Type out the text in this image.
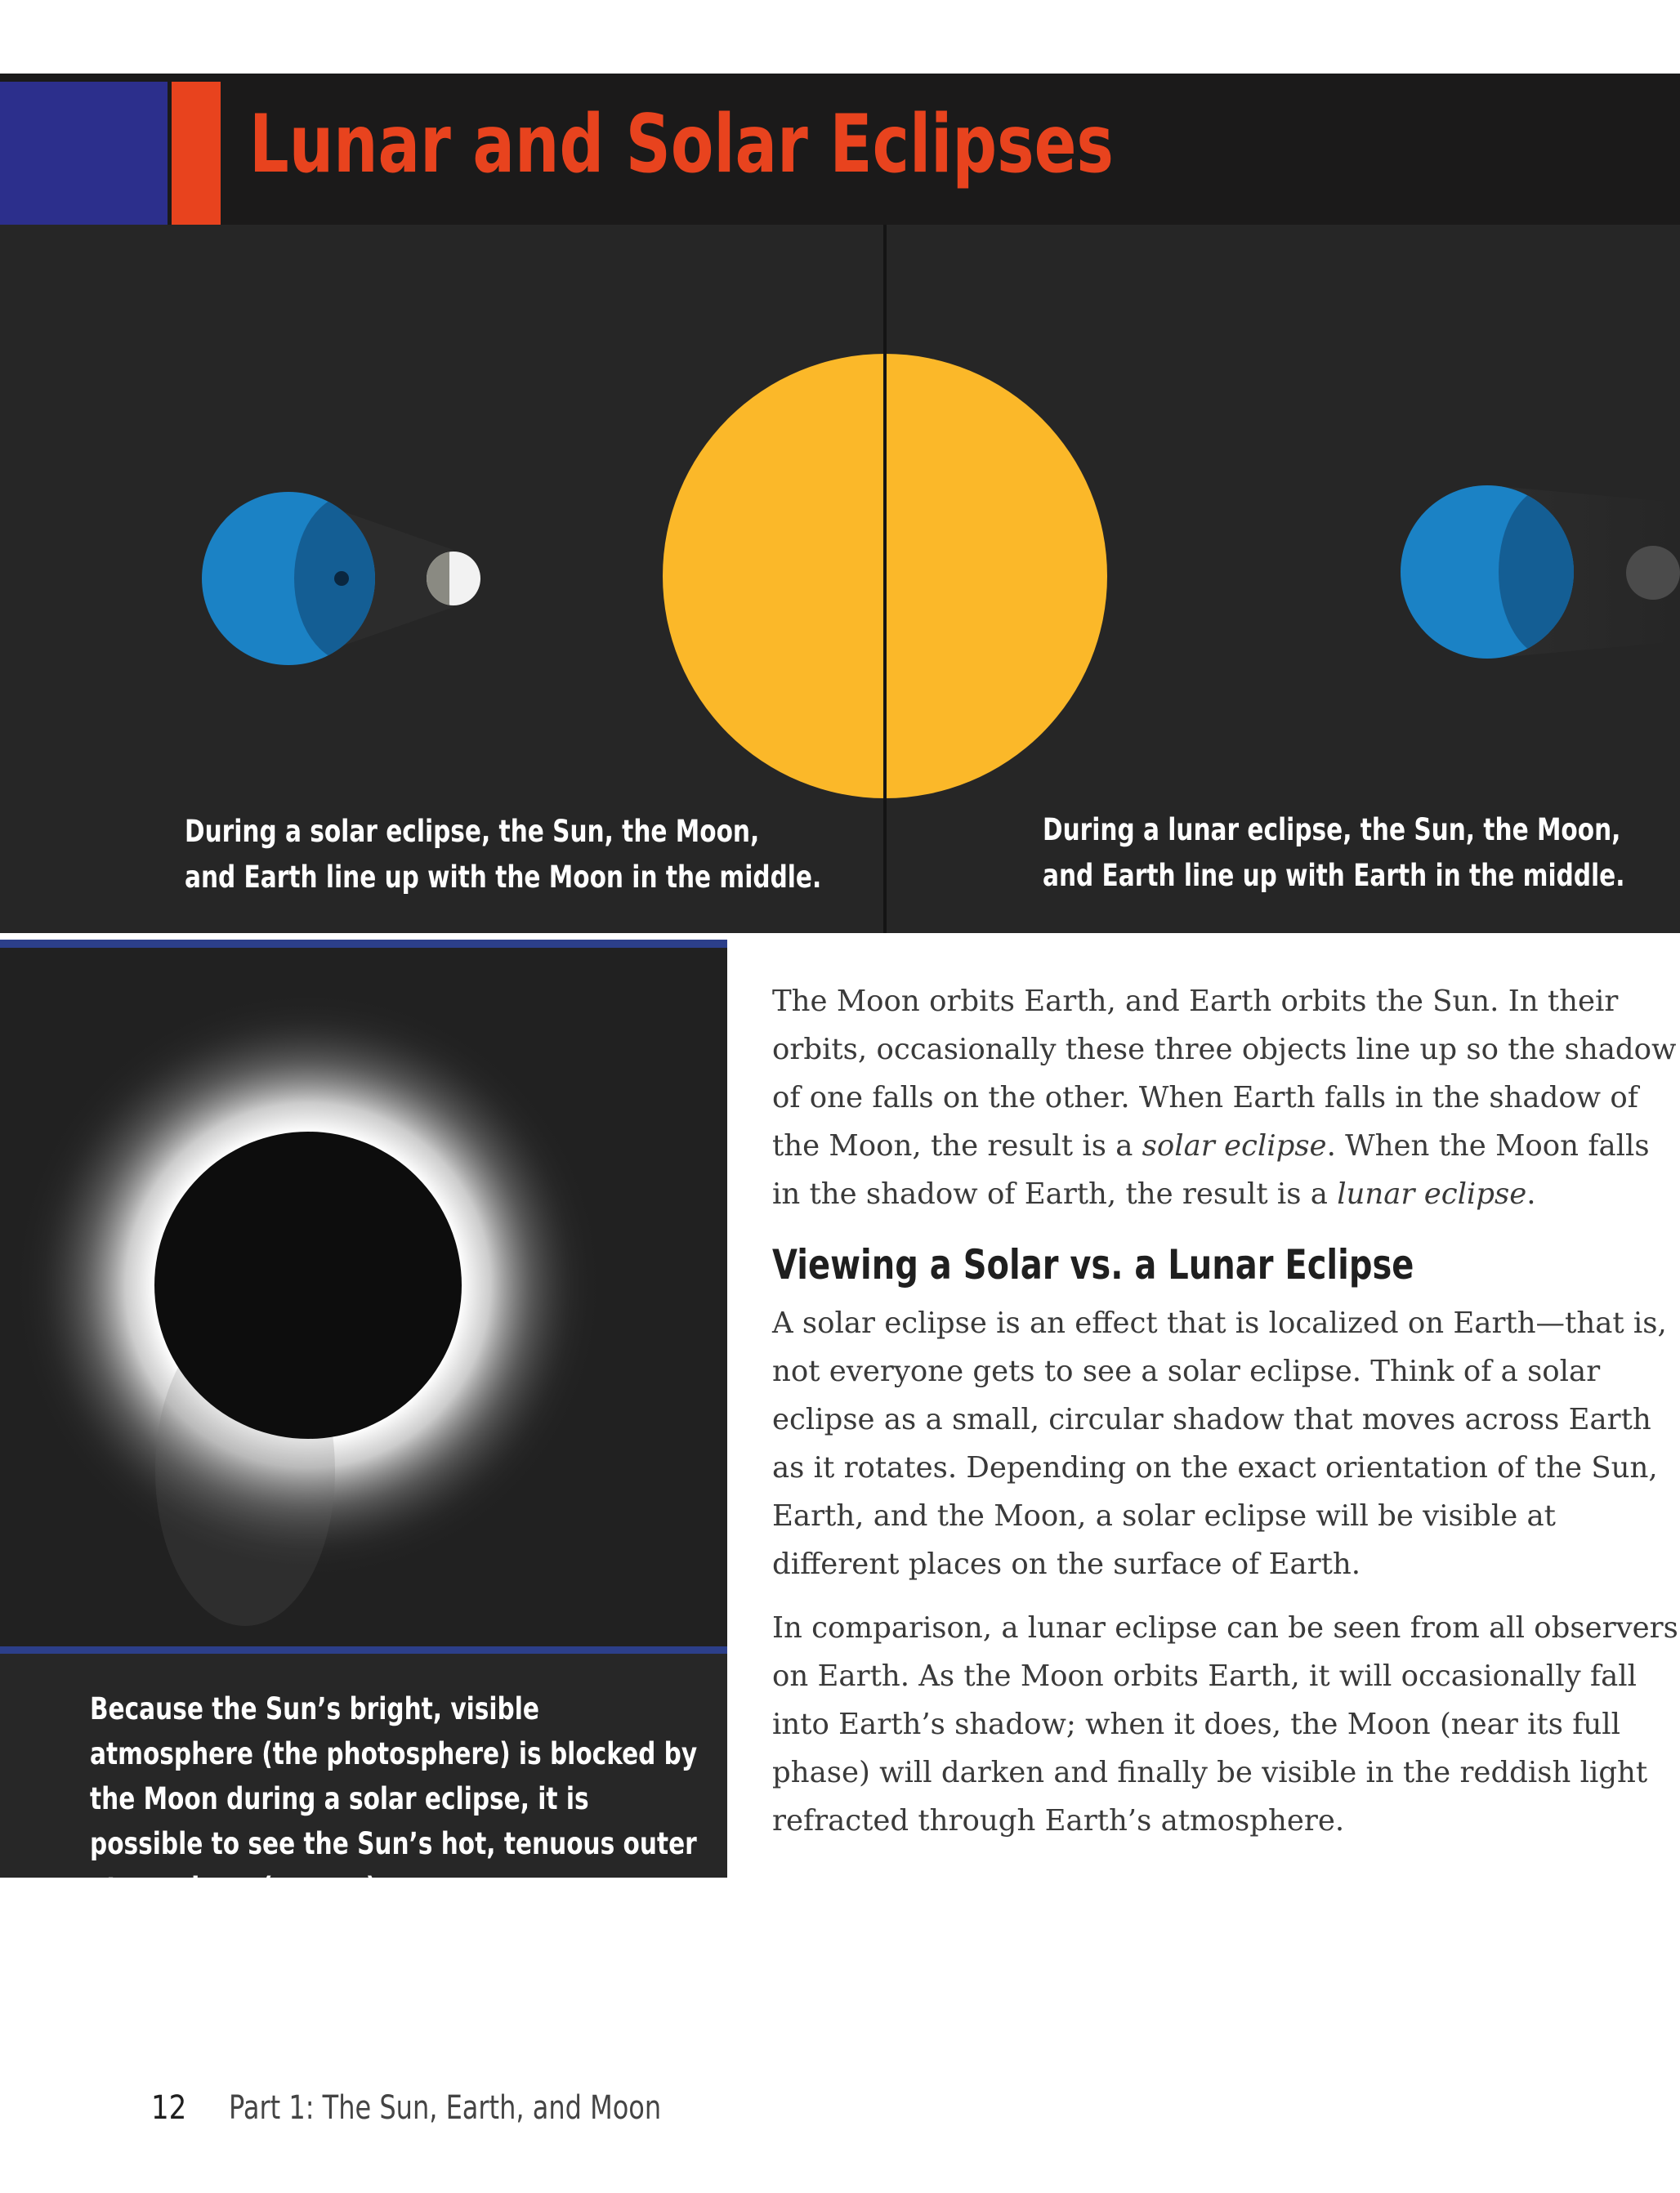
Lunar and Solar Eclipses
During a solar eclipse, the Sun, the Moon,
and Earth line up with the Moon in the middle.
During a lunar eclipse, the Sun, the Moon,
and Earth line up with Earth in the middle.

Because the Sun’s bright, visible atmosphere (the photosphere) is blocked by the Moon during a solar eclipse, it is possible to see the Sun’s hot, tenuous outer atmosphere (corona).

The Moon orbits Earth, and Earth orbits the Sun. In their orbits, occasionally these three objects line up so the shadow of one falls on the other. When Earth falls in the shadow of the Moon, the result is a solar eclipse. When the Moon falls in the shadow of Earth, the result is a lunar eclipse.

Viewing a Solar vs. a Lunar Eclipse

A solar eclipse is an effect that is localized on Earth—that is, not everyone gets to see a solar eclipse. Think of a solar eclipse as a small, circular shadow that moves across Earth as it rotates. Depending on the exact orientation of the Sun, Earth, and the Moon, a solar eclipse will be visible at different places on the surface of Earth.

In comparison, a lunar eclipse can be seen from all observers on Earth. As the Moon orbits Earth, it will occasionally fall into Earth’s shadow; when it does, the Moon (near its full phase) will darken and finally be visible in the reddish light refracted through Earth’s atmosphere.

12 Part 1: The Sun, Earth, and Moon
